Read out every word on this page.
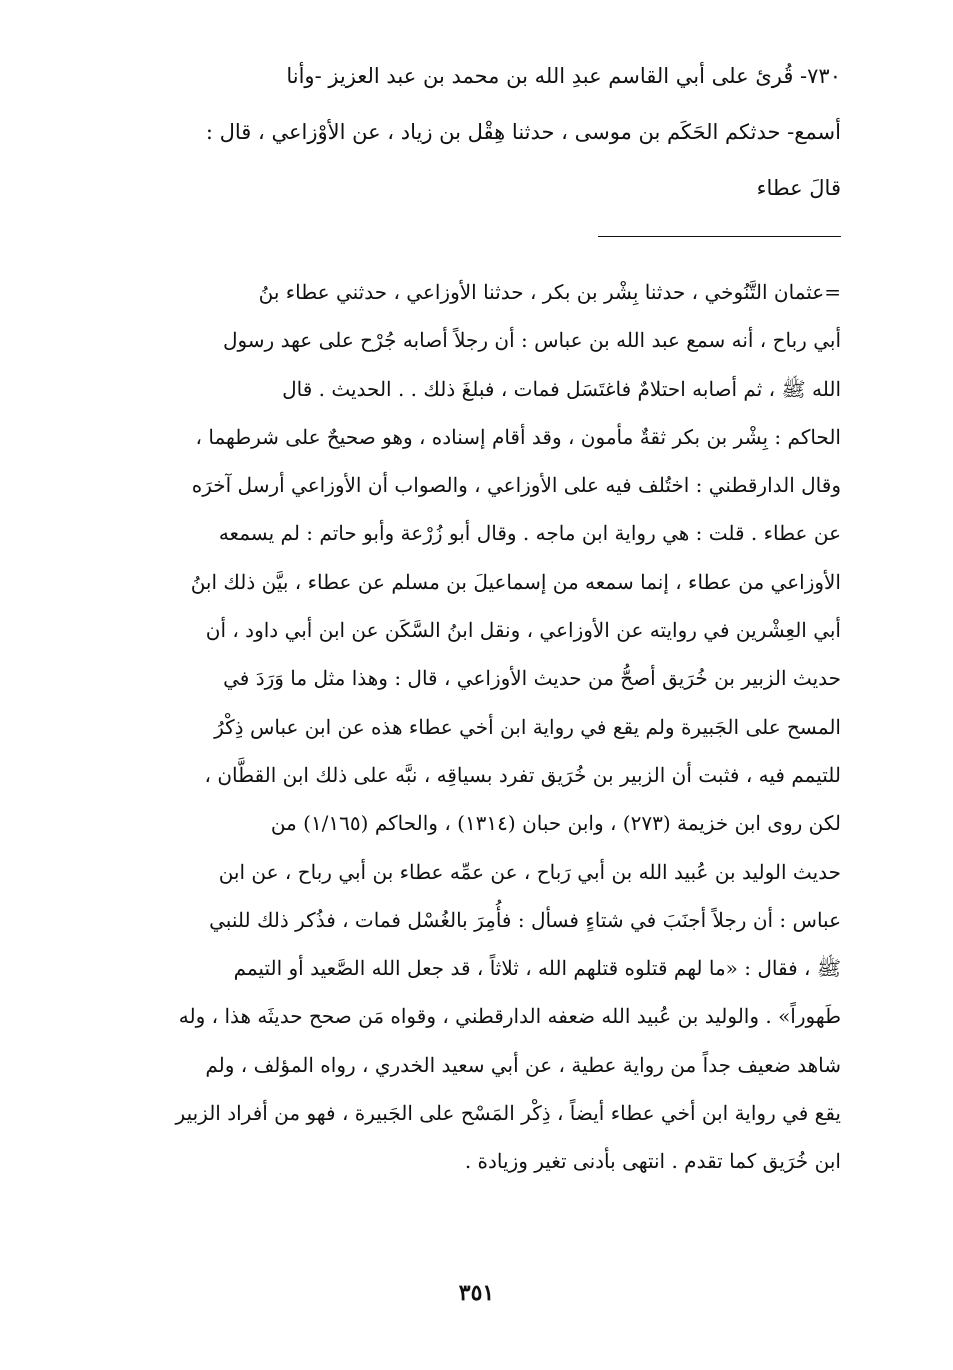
٧٣٠- قُرئ على أبي القاسم عبدِ الله بن محمد بن عبد العزيز -وأنا
أسمع- حدثكم الحَكَم بن موسى ، حدثنا هِقْل بن زياد ، عن الأوْزاعي ، قال :
قالَ عطاء
=عثمان التَّنُوخي ، حدثنا بِشْر بن بكر ، حدثنا الأوزاعي ، حدثني عطاء بنُ
أبي رباح ، أنه سمع عبد الله بن عباس : أن رجلاً أصابه جُرْح على عهد رسول
الله ﷺ ، ثم أصابه احتلامٌ فاغتَسَل فمات ، فبلغَ ذلك . . الحديث . قال
الحاكم : بِشْر بن بكر ثقةٌ مأمون ، وقد أقام إسناده ، وهو صحيحٌ على شرطهما ،
وقال الدارقطني : اختُلف فيه على الأوزاعي ، والصواب أن الأوزاعي أرسل آخرَه
عن عطاء . قلت : هي رواية ابن ماجه . وقال أبو زُرْعة وأبو حاتم : لم يسمعه
الأوزاعي من عطاء ، إنما سمعه من إسماعيلَ بن مسلم عن عطاء ، بيَّن ذلك ابنُ
أبي العِشْرين في روايته عن الأوزاعي ، ونقل ابنُ السَّكَن عن ابن أبي داود ، أن
حديث الزبير بن خُرَيق أصحُّ من حديث الأوزاعي ، قال : وهذا مثل ما وَرَدَ في
المسح على الجَبيرة ولم يقع في رواية ابن أخي عطاء هذه عن ابن عباس ذِكْرُ
للتيمم فيه ، فثبت أن الزبير بن خُرَيق تفرد بسياقِه ، نبَّه على ذلك ابن القطَّان ،
لكن روى ابن خزيمة (٢٧٣) ، وابن حبان (١٣١٤) ، والحاكم (١/١٦٥) من
حديث الوليد بن عُبيد الله بن أبي رَباح ، عن عمِّه عطاء بن أبي رباح ، عن ابن
عباس : أن رجلاً أجنَبَ في شتاءٍ فسأل : فأُمِرَ بالغُسْل فمات ، فذُكر ذلك للنبي
ﷺ ، فقال : «ما لهم قتلوه قتلهم الله ، ثلاثاً ، قد جعل الله الصَّعيد أو التيمم
طَهوراً» . والوليد بن عُبيد الله ضعفه الدارقطني ، وقواه مَن صحح حديثَه هذا ، وله
شاهد ضعيف جداً من رواية عطية ، عن أبي سعيد الخدري ، رواه المؤلف ، ولم
يقع في رواية ابن أخي عطاء أيضاً ، ذِكْر المَسْح على الجَبيرة ، فهو من أفراد الزبير
ابن خُرَيق كما تقدم . انتهى بأدنى تغير وزيادة .
٣٥١
